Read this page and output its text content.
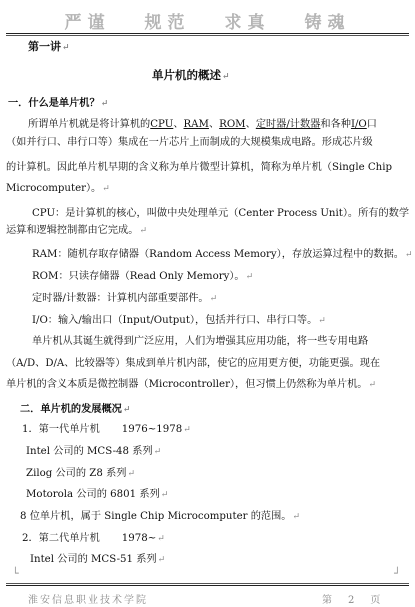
严谨 规范 求真 铸魂
第一讲↵
单片机的概述↵
一．什么是单片机？↵
所谓单片机就是将计算机的CPU、RAM、ROM、定时器/计数器和各种I/O口
（如并行口、串行口等）集成在一片芯片上而制成的大规模集成电路。形成芯片级
的计算机。因此单片机早期的含义称为单片微型计算机，简称为单片机（Single Chip
Microcomputer）。↵
CPU：是计算机的核心，叫做中央处理单元（Center Process Unit）。所有的数学
运算和逻辑控制都由它完成。↵
RAM：随机存取存储器（Random Access Memory），存放运算过程中的数据。↵
ROM：只读存储器（Read Only Memory）。↵
定时器/计数器：计算机内部重要部件。↵
I/O：输入/输出口（Input/Output），包括并行口、串行口等。↵
单片机从其诞生就得到广泛应用，人们为增强其应用功能，将一些专用电路
（A/D、D/A、比较器等）集成到单片机内部，使它的应用更方便，功能更强。现在
单片机的含义本质是微控制器（Microcontroller），但习惯上仍然称为单片机。↵
二．单片机的发展概况↵
1．第一代单片机 1976~1978↵
Intel 公司的 MCS-48 系列↵
Zilog 公司的 Z8 系列↵
Motorola 公司的 6801 系列↵
8 位单片机，属于 Single Chip Microcomputer 的范围。↵
2．第二代单片机 1978~↵
Intel 公司的 MCS-51 系列↵
└	┘
淮安信息职业技术学院	第　2　页
